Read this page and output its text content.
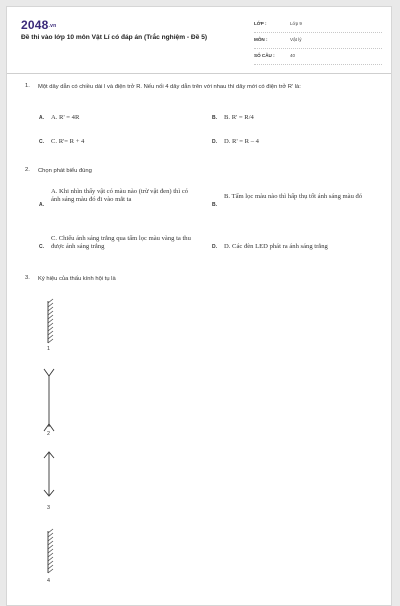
2048.vn
Đề thi vào lớp 10 môn Vật Lí có đáp án (Trắc nghiệm - Đề 5)
LỚP :	Lớp 9
MÔN :	Vật lý
SỐ CÂU :	40
1. Một dây dẫn có chiều dài l và điện trở R. Nếu nối 4 dây dẫn trên với nhau thì dây mới có điện trở R' là:
A. A. R' = 4R	B. B. R' = R/4
C. C. R'= R + 4	D. D. R' = R – 4
2. Chọn phát biểu đúng
A.
A. Khi nhìn thấy vật có màu nào (trừ vật đen) thì có ánh sáng màu đó đi vào mắt ta
B.
B. Tấm lọc màu nào thì hấp thụ tốt ánh sáng màu đó
C.
C. Chiếu ánh sáng trắng qua tấm lọc màu vàng ta thu được ánh sáng trắng	D. D. Các đèn LED phát ra ánh sáng trắng
3. Ký hiệu của thấu kính hội tụ là
1
2
3
4
